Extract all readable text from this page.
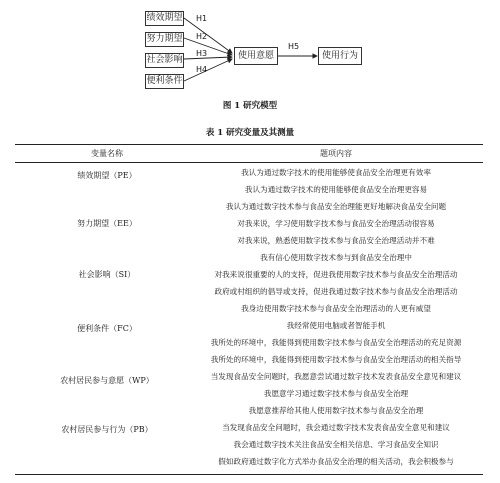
绩效期望
努力期望
社会影响
便利条件
H1
H2
H3
H4
使用意愿
H5
使用行为
图 1 研究模型
表 1 研究变量及其测量
变量名称	题项内容
绩效期望（PE）
努力期望（EE）
社会影响（SI）
便利条件（FC）
农村居民参与意愿（WP）
农村居民参与行为（PB）
我认为通过数字技术的使用能够使食品安全治理更有效率
我认为通过数字技术的使用能够使食品安全治理更容易
我认为通过数字技术参与食品安全治理能更好地解决食品安全问题
对我来说，学习使用数字技术参与食品安全治理活动很容易
对我来说，熟悉使用数字技术参与食品安全治理活动并不难
我有信心使用数字技术参与到食品安全治理中
对我来说很重要的人的支持，促进我使用数字技术参与食品安全治理活动
政府或村组织的倡导或支持，促进我通过数字技术参与食品安全治理活动
我身边使用数字技术参与食品安全治理活动的人更有威望
我经常使用电脑或者智能手机
我所处的环境中，我能得到使用数字技术参与食品安全治理活动的充足资源
我所处的环境中，我能得到使用数字技术参与食品安全治理活动的相关指导
当发现食品安全问题时，我愿意尝试通过数字技术发表食品安全意见和建议
我愿意学习通过数字技术参与食品安全治理
我愿意推荐给其他人使用数字技术参与食品安全治理
当发现食品安全问题时，我会通过数字技术发表食品安全意见和建议
我会通过数字技术关注食品安全相关信息、学习食品安全知识
假如政府通过数字化方式举办食品安全治理的相关活动，我会积极参与
